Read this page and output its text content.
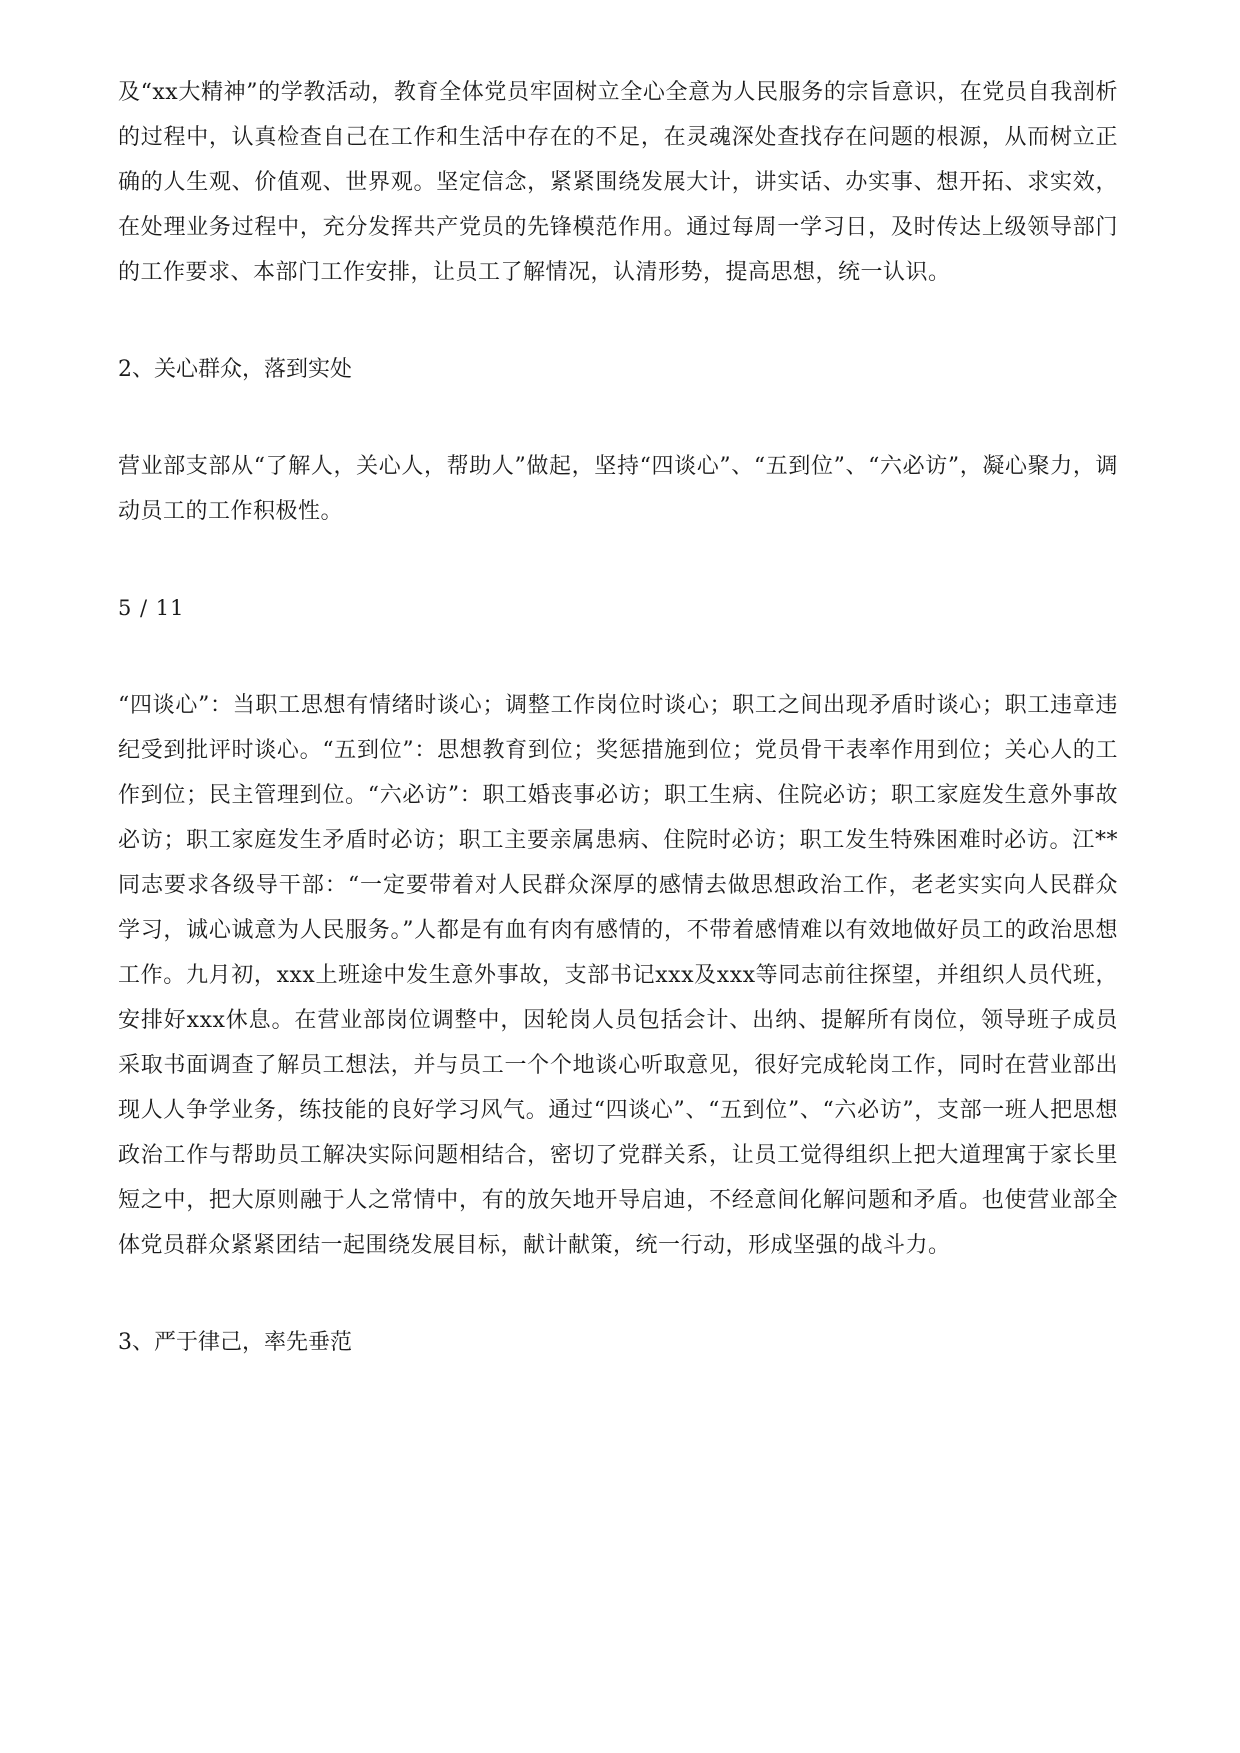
及“xx大精神”的学教活动，教育全体党员牢固树立全心全意为人民服务的宗旨意识，在党员自我剖析的过程中，认真检查自己在工作和生活中存在的不足，在灵魂深处查找存在问题的根源，从而树立正确的人生观、价值观、世界观。坚定信念，紧紧围绕发展大计，讲实话、办实事、想开拓、求实效，在处理业务过程中，充分发挥共产党员的先锋模范作用。通过每周一学习日，及时传达上级领导部门的工作要求、本部门工作安排，让员工了解情况，认清形势，提高思想，统一认识。

2、关心群众，落到实处

营业部支部从“了解人，关心人，帮助人”做起，坚持“四谈心”、“五到位”、“六必访”，凝心聚力，调动员工的工作积极性。

5 / 11

“四谈心”：当职工思想有情绪时谈心；调整工作岗位时谈心；职工之间出现矛盾时谈心；职工违章违纪受到批评时谈心。“五到位”：思想教育到位；奖惩措施到位；党员骨干表率作用到位；关心人的工作到位；民主管理到位。“六必访”：职工婚丧事必访；职工生病、住院必访；职工家庭发生意外事故必访；职工家庭发生矛盾时必访；职工主要亲属患病、住院时必访；职工发生特殊困难时必访。江**同志要求各级导干部：“一定要带着对人民群众深厚的感情去做思想政治工作，老老实实向人民群众学习，诚心诚意为人民服务。”人都是有血有肉有感情的，不带着感情难以有效地做好员工的政治思想工作。九月初，xxx上班途中发生意外事故，支部书记xxx及xxx等同志前往探望，并组织人员代班，安排好xxx休息。在营业部岗位调整中，因轮岗人员包括会计、出纳、提解所有岗位，领导班子成员采取书面调查了解员工想法，并与员工一个个地谈心听取意见，很好完成轮岗工作，同时在营业部出现人人争学业务，练技能的良好学习风气。通过“四谈心”、“五到位”、“六必访”，支部一班人把思想政治工作与帮助员工解决实际问题相结合，密切了党群关系，让员工觉得组织上把大道理寓于家长里短之中，把大原则融于人之常情中，有的放矢地开导启迪，不经意间化解问题和矛盾。也使营业部全体党员群众紧紧团结一起围绕发展目标，献计献策，统一行动，形成坚强的战斗力。

3、严于律己，率先垂范
